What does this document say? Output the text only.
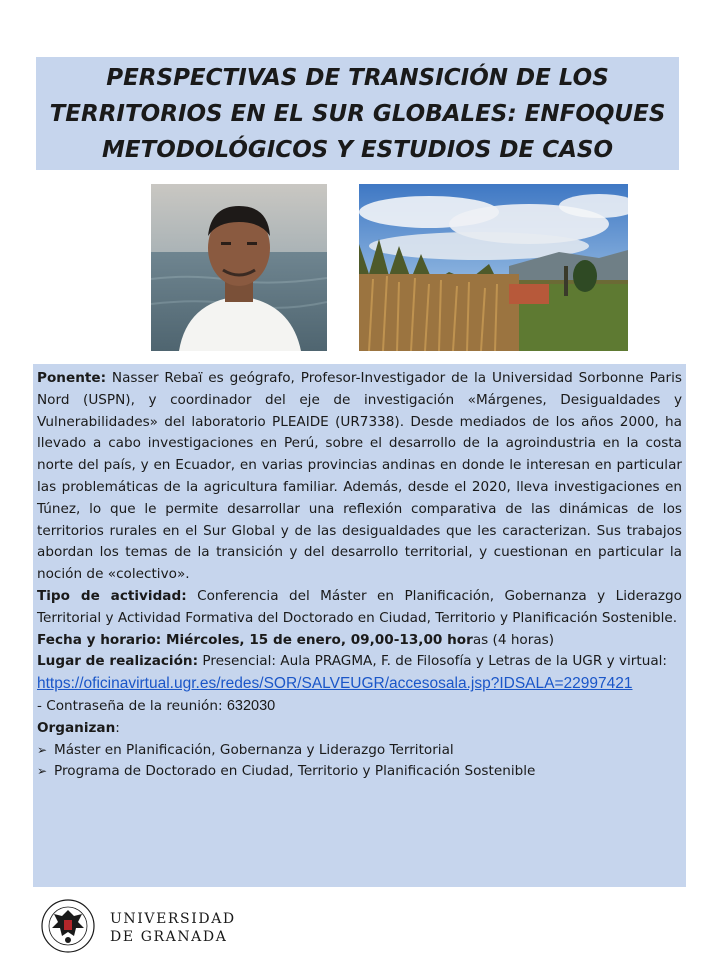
PERSPECTIVAS DE TRANSICIÓN DE LOS
TERRITORIOS EN EL SUR GLOBALES: ENFOQUES
METODOLÓGICOS Y ESTUDIOS DE CASO

Ponente: Nasser Rebaï es geógrafo, Profesor-Investigador de la Universidad Sorbonne Paris Nord (USPN), y coordinador del eje de investigación «Márgenes, Desigualdades y Vulnerabilidades» del laboratorio PLEAIDE (UR7338). Desde mediados de los años 2000, ha llevado a cabo investigaciones en Perú, sobre el desarrollo de la agroindustria en la costa norte del país, y en Ecuador, en varias provincias andinas en donde le interesan en particular las problemáticas de la agricultura familiar. Además, desde el 2020, lleva investigaciones en Túnez, lo que le permite desarrollar una reflexión comparativa de las dinámicas de los territorios rurales en el Sur Global y de las desigualdades que les caracterizan. Sus trabajos abordan los temas de la transición y del desarrollo territorial, y cuestionan en particular la noción de «colectivo».

Tipo de actividad: Conferencia del Máster en Planificación, Gobernanza y Liderazgo Territorial y Actividad Formativa del Doctorado en Ciudad, Territorio y Planificación Sostenible.

Fecha y horario: Miércoles, 15 de enero, 09,00-13,00 horas (4 horas)

Lugar de realización: Presencial: Aula PRAGMA, F. de Filosofía y Letras de la UGR y virtual:

https://oficinavirtual.ugr.es/redes/SOR/SALVEUGR/accesosala.jsp?IDSALA=22997421

- Contraseña de la reunión: 632030

Organizan:

➢ Máster en Planificación, Gobernanza y Liderazgo Territorial
➢ Programa de Doctorado en Ciudad, Territorio y Planificación Sostenible
UNIVERSIDAD
DE GRANADA
